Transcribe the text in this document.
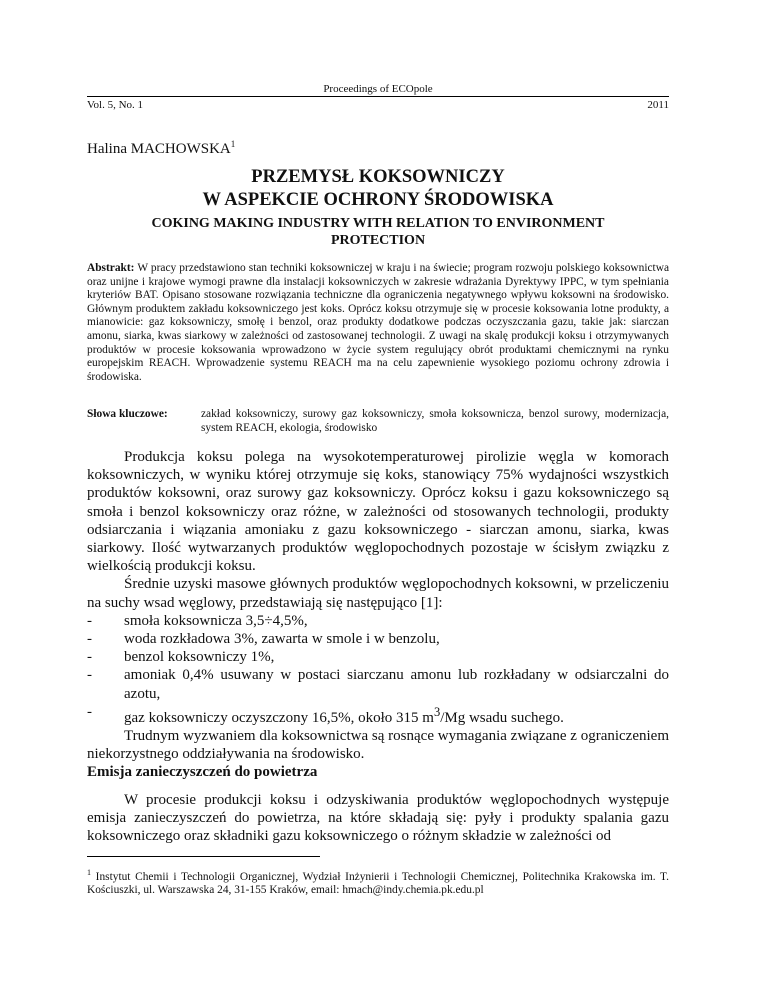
Proceedings of ECOpole
Vol. 5, No. 1	2011
Halina MACHOWSKA$^1$
PRZEMYSŁ KOKSOWNICZY
W ASPEKCIE OCHRONY ŚRODOWISKA
COKING MAKING INDUSTRY WITH RELATION TO ENVIRONMENT
PROTECTION
Abstrakt: W pracy przedstawiono stan techniki koksowniczej w kraju i na świecie; program rozwoju polskiego koksownictwa oraz unijne i krajowe wymogi prawne dla instalacji koksowniczych w zakresie wdrażania Dyrektywy IPPC, w tym spełniania kryteriów BAT. Opisano stosowane rozwiązania techniczne dla ograniczenia negatywnego wpływu koksowni na środowisko. Głównym produktem zakładu koksowniczego jest koks. Oprócz koksu otrzymuje się w procesie koksowania lotne produkty, a mianowicie: gaz koksowniczy, smołę i benzol, oraz produkty dodatkowe podczas oczyszczania gazu, takie jak: siarczan amonu, siarka, kwas siarkowy w zależności od zastosowanej technologii. Z uwagi na skalę produkcji koksu i otrzymywanych produktów w procesie koksowania wprowadzono w życie system regulujący obrót produktami chemicznymi na rynku europejskim REACH. Wprowadzenie systemu REACH ma na celu zapewnienie wysokiego poziomu ochrony zdrowia i środowiska.
Słowa kluczowe:	zakład koksowniczy, surowy gaz koksowniczy, smoła koksownicza, benzol surowy, modernizacja, system REACH, ekologia, środowisko

Produkcja koksu polega na wysokotemperaturowej pirolizie węgla w komorach koksowniczych, w wyniku której otrzymuje się koks, stanowiący 75% wydajności wszystkich produktów koksowni, oraz surowy gaz koksowniczy. Oprócz koksu i gazu koksowniczego są smoła i benzol koksowniczy oraz różne, w zależności od stosowanych technologii, produkty odsiarczania i wiązania amoniaku z gazu koksowniczego - siarczan amonu, siarka, kwas siarkowy. Ilość wytwarzanych produktów węglopochodnych pozostaje w ścisłym związku z wielkością produkcji koksu.

Średnie uzyski masowe głównych produktów węglopochodnych koksowni, w przeliczeniu na suchy wsad węglowy, przedstawiają się następująco [1]:

-	smoła koksownicza 3,5÷4,5%,
-	woda rozkładowa 3%, zawarta w smole i w benzolu,
-	benzol koksowniczy 1%,
-	amoniak 0,4% usuwany w postaci siarczanu amonu lub rozkładany w odsiarczalni do azotu,
-	gaz koksowniczy oczyszczony 16,5%, około 315 $m^3/Mg$ wsadu suchego.

Trudnym wyzwaniem dla koksownictwa są rosnące wymagania związane z ograniczeniem niekorzystnego oddziaływania na środowisko.

Emisja zanieczyszczeń do powietrza

W procesie produkcji koksu i odzyskiwania produktów węglopochodnych występuje emisja zanieczyszczeń do powietrza, na które składają się: pyły i produkty spalania gazu koksowniczego oraz składniki gazu koksowniczego o różnym składzie w zależności od

$^1$ Instytut Chemii i Technologii Organicznej, Wydział Inżynierii i Technologii Chemicznej, Politechnika Krakowska im. T. Kościuszki, ul. Warszawska 24, 31-155 Kraków, email: hmach@indy.chemia.pk.edu.pl
